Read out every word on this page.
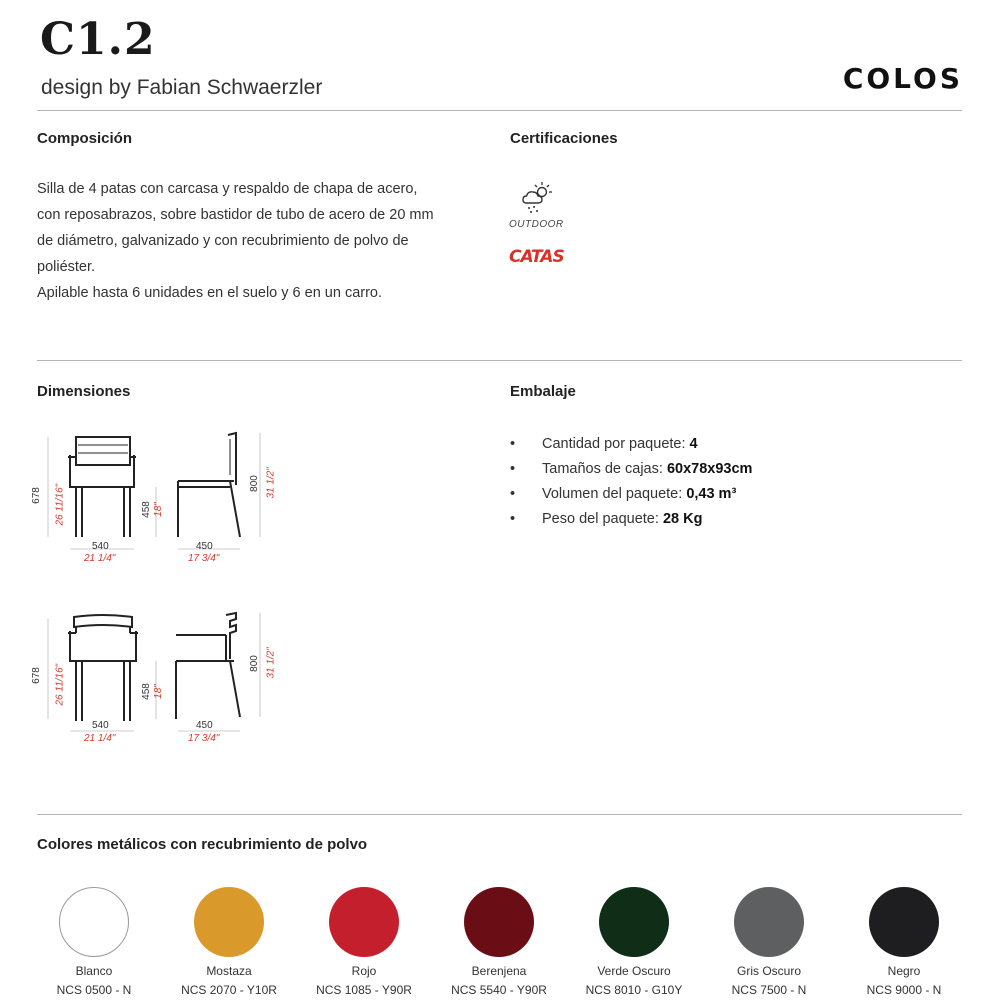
C1.2
design by Fabian Schwaerzler	COLOS
Composición
Silla de 4 patas con carcasa y respaldo de chapa de acero,
con reposabrazos, sobre bastidor de tubo de acero de 20 mm
de diámetro, galvanizado y con recubrimiento de polvo de
poliéster.
Apilable hasta 6 unidades en el suelo y 6 en un carro.
Certificaciones
OUTDOOR
CATAS
Dimensiones
678 26 11/16"	458 18"
800 31 1/2"
540
21 1/4"
450
17 3/4"
678 26 11/16"	458 18"
800 31 1/2"
540
21 1/4"
450
17 3/4"
Embalaje
• Cantidad por paquete: 4
• Tamaños de cajas: 60x78x93cm
• Volumen del paquete: 0,43 m³
• Peso del paquete: 28 Kg
Colores metálicos con recubrimiento de polvo
Blanco
NCS 0500 - N
Mostaza
NCS 2070 - Y10R
Rojo
NCS 1085 - Y90R
Berenjena
NCS 5540 - Y90R
Verde Oscuro
NCS 8010 - G10Y
Gris Oscuro
NCS 7500 - N
Negro
NCS 9000 - N
